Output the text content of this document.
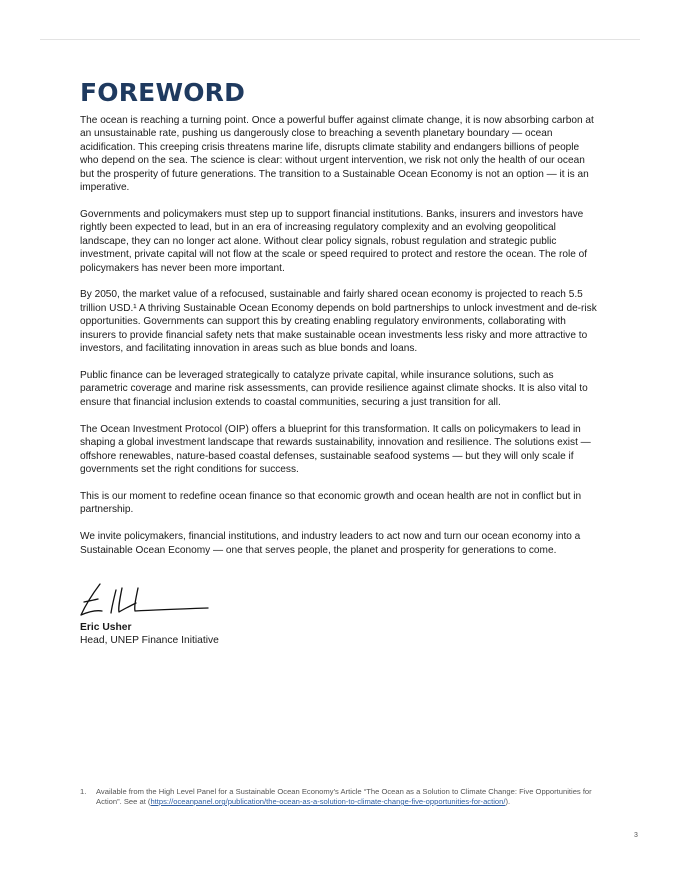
FOREWORD

The ocean is reaching a turning point. Once a powerful buffer against climate change, it is now absorbing carbon at an unsustainable rate, pushing us dangerously close to breaching a seventh planetary boundary — ocean acidification. This creeping crisis threatens marine life, disrupts climate stability and endangers billions of people who depend on the sea. The science is clear: without urgent intervention, we risk not only the health of our ocean but the prosperity of future generations. The transition to a Sustainable Ocean Economy is not an option — it is an imperative.

Governments and policymakers must step up to support financial institutions. Banks, insurers and investors have rightly been expected to lead, but in an era of increasing regulatory complexity and an evolving geopolitical landscape, they can no longer act alone. Without clear policy signals, robust regulation and strategic public investment, private capital will not flow at the scale or speed required to protect and restore the ocean. The role of policymakers has never been more important.

By 2050, the market value of a refocused, sustainable and fairly shared ocean economy is projected to reach 5.5 trillion USD.¹ A thriving Sustainable Ocean Economy depends on bold partnerships to unlock investment and de-risk opportunities. Governments can support this by creating enabling regulatory environments, collaborating with insurers to provide financial safety nets that make sustainable ocean investments less risky and more attractive to investors, and facilitating innovation in areas such as blue bonds and loans.

Public finance can be leveraged strategically to catalyze private capital, while insurance solutions, such as parametric coverage and marine risk assessments, can provide resilience against climate shocks. It is also vital to ensure that financial inclusion extends to coastal communities, securing a just transition for all.

The Ocean Investment Protocol (OIP) offers a blueprint for this transformation. It calls on policymakers to lead in shaping a global investment landscape that rewards sustainability, innovation and resilience. The solutions exist — offshore renewables, nature-based coastal defenses, sustainable seafood systems — but they will only scale if governments set the right conditions for success.

This is our moment to redefine ocean finance so that economic growth and ocean health are not in conflict but in partnership.

We invite policymakers, financial institutions, and industry leaders to act now and turn our ocean economy into a Sustainable Ocean Economy — one that serves people, the planet and prosperity for generations to come.

Eric Usher

Head, UNEP Finance Initiative

1. Available from the High Level Panel for a Sustainable Ocean Economy’s Article “The Ocean as a Solution to Climate Change: Five Opportunities for Action”. See at (https://oceanpanel.org/publication/the-ocean-as-a-solution-to-climate-change-five-opportunities-for-action/).
3
